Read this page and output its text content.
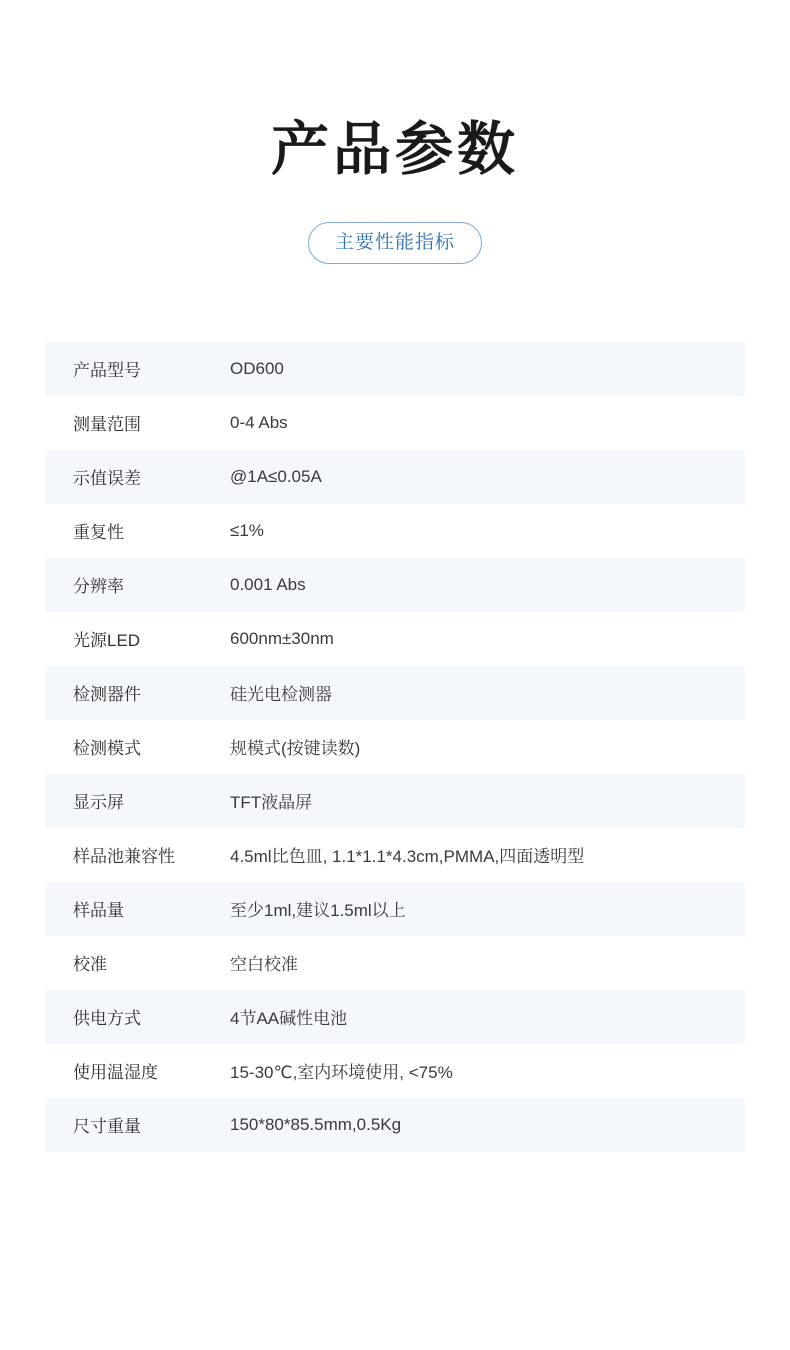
产品参数
主要性能指标
产品型号	OD600
测量范围	0-4 Abs
示值误差	@1A≤0.05A
重复性	≤1%
分辨率	0.001 Abs
光源LED	600nm±30nm
检测器件	硅光电检测器
检测模式	规模式(按键读数)
显示屏	TFT液晶屏
样品池兼容性	4.5ml比色皿, 1.1*1.1*4.3cm,PMMA,四面透明型
样品量	至少1ml,建议1.5ml以上
校准	空白校准
供电方式	4节AA碱性电池
使用温湿度	15-30℃,室内环境使用, <75%
尺寸重量	150*80*85.5mm,0.5Kg
